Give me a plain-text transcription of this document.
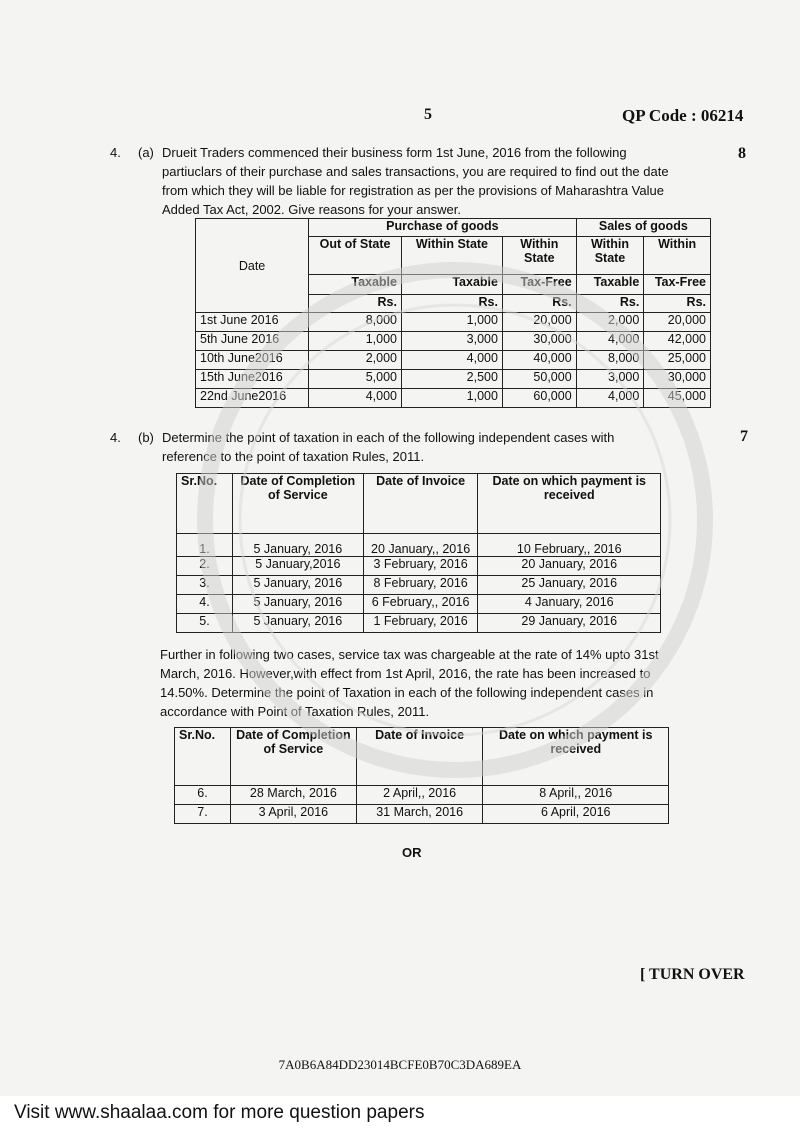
5	QP Code : 06214
4. (a)	8
Drueit Traders commenced their business form 1st June, 2016 from the following
partiuclars of their purchase and sales transactions, you are required to find out the date
from which they will be liable for registration as per the provisions of Maharashtra Value
Added Tax Act, 2002. Give reasons for your answer.
Date	Purchase of goods			Sales of goods	
	Out of State	Within State	Within State	Within State	Within
	Taxable	Taxable	Tax-Free	Taxable	Tax-Free
	Rs.	Rs.	Rs.	Rs.	Rs.
1st June 2016	8,000	1,000	20,000	2,000	20,000
5th June 2016	1,000	3,000	30,000	4,000	42,000
10th June2016	2,000	4,000	40,000	8,000	25,000
15th June2016	5,000	2,500	50,000	3,000	30,000
22nd June2016	4,000	1,000	60,000	4,000	45,000
4. (b)	7
Determine the point of taxation in each of the following independent cases with
reference to the point of taxation Rules, 2011.
Sr.No.	Date of Completion of Service	Date of Invoice	Date on which payment is received
1.	5 January, 2016	20 January,, 2016	10 February,, 2016
2.	5 January,2016	3 February, 2016	20 January, 2016
3.	5 January, 2016	8 February, 2016	25 January, 2016
4.	5 January, 2016	6 February,, 2016	4 January, 2016
5.	5 January, 2016	1 February, 2016	29 January, 2016
Further in following two cases, service tax was chargeable at the rate of 14% upto 31st
March, 2016. However,with effect from 1st April, 2016, the rate has been increased to
14.50%. Determine the point of Taxation in each of the following independent cases in
accordance with Point of Taxation Rules, 2011.
Sr.No.	Date of Completion of Service	Date of Invoice	Date on which payment is received
6.	28 March, 2016	2 April,, 2016	8 April,, 2016
7.	3 April, 2016	31 March, 2016	6 April, 2016
OR
[ TURN OVER
7A0B6A84DD23014BCFE0B70C3DA689EA
Visit www.shaalaa.com for more question papers
